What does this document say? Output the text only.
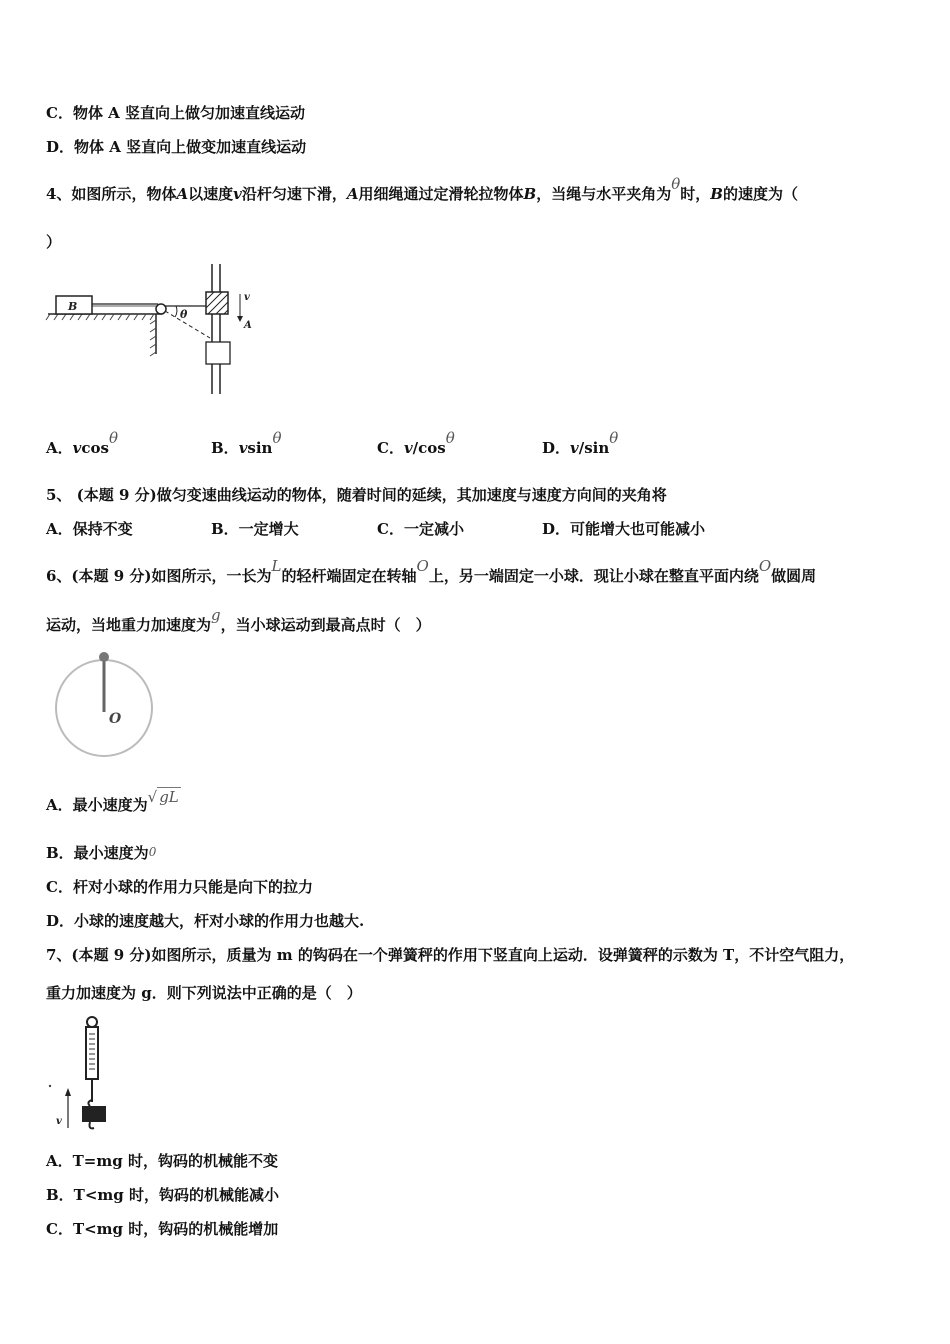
C．物体 A 竖直向上做匀加速直线运动
D．物体 A 竖直向上做变加速直线运动
4、如图所示，物体A以速度v沿杆匀速下滑，A用细绳通过定滑轮拉物体B，当绳与水平夹角为θ时，B的速度为（
）
B
θ
v
A
A．vcosθ
B．vsinθ
C．v/cosθ
D．v/sinθ
5、 (本题 9 分)做匀变速曲线运动的物体，随着时间的延续，其加速度与速度方向间的夹角将
A．保持不变	B．一定增大	C．一定减小	D．可能增大也可能减小
6、(本题 9 分)如图所示，一长为L的轻杆端固定在转轴O上，另一端固定一小球．现让小球在整直平面内绕O做圆周
运动，当地重力加速度为g，当小球运动到最高点时（　）
O
A．最小速度为√ gL
B．最小速度为0
C．杆对小球的作用力只能是向下的拉力
D．小球的速度越大，杆对小球的作用力也越大.
7、(本题 9 分)如图所示，质量为 m 的钩码在一个弹簧秤的作用下竖直向上运动．设弹簧秤的示数为 T，不计空气阻力，
重力加速度为 g．则下列说法中正确的是（　）
v
A．T=mg 时，钩码的机械能不变
B．T<mg 时，钩码的机械能减小
C．T<mg 时，钩码的机械能增加
